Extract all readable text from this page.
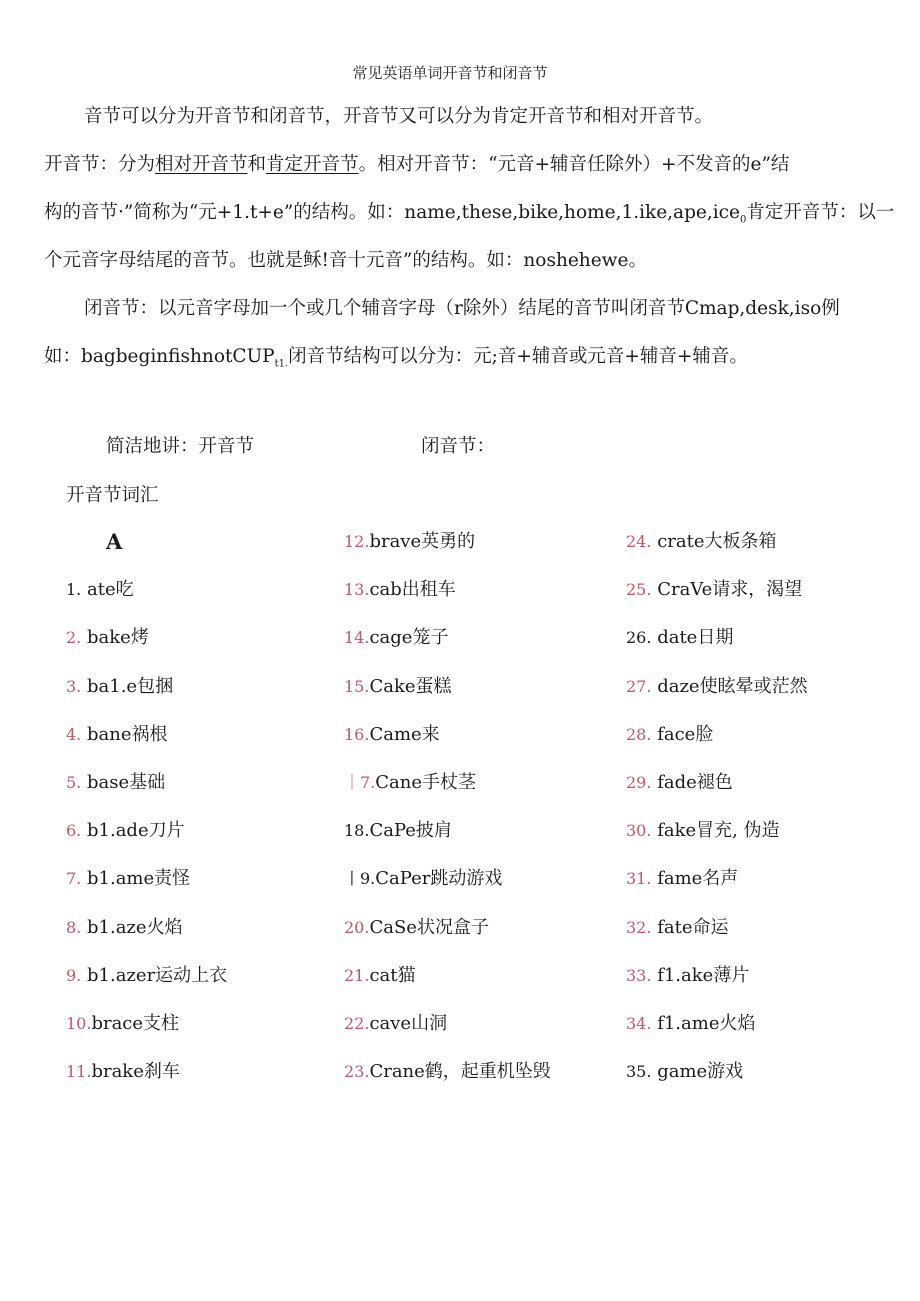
常见英语单词开音节和闭音节
音节可以分为开音节和闭音节，开音节又可以分为肯定开音节和相对开音节。
开音节：分为相对开音节和肯定开音节。相对开音节：“元音+辅音任除外）+不发音的e”结
构的音节·”简称为“元+1.t+e”的结构。如：name,these,bike,home,1.ike,ape,ice$_0$肯定开音节：以一
个元音字母结尾的音节。也就是稣!音十元音”的结构。如：noshehewe。
闭音节：以元音字母加一个或几个辅音字母（r除外）结尾的音节叫闭音节Cmap,desk,iso例
如：bagbeginfishnotCUP$_{t1.}$闭音节结构可以分为：元;音+辅音或元音+辅音+辅音。
简洁地讲：开音节	闭音节：
开音节词汇
A
1. ate吃
2. bake烤
3. ba1.e包捆
4. bane祸根
5. base基础
6. b1.ade刀片
7. b1.ame责怪
8. b1.aze火焰
9. b1.azer运动上衣
10.brace支柱
11.brake刹车
12.brave英勇的
13.cab出租车
14.cage笼子
15.Cake蛋糕
16.Came来
｜7.Cane手杖茎
18.CaPe披肩
丨9.CaPer跳动游戏
20.CaSe状况盒子
21.cat猫
22.cave山洞
23.Crane鹤，起重机坠毁
24. crate大板条箱
25. CraVe请求，渴望
26. date日期
27. daze使眩晕或茫然
28. face脸
29. fade褪色
30. fake冒充, 伪造
31. fame名声
32. fate命运
33. f1.ake薄片
34. f1.ame火焰
35. game游戏
